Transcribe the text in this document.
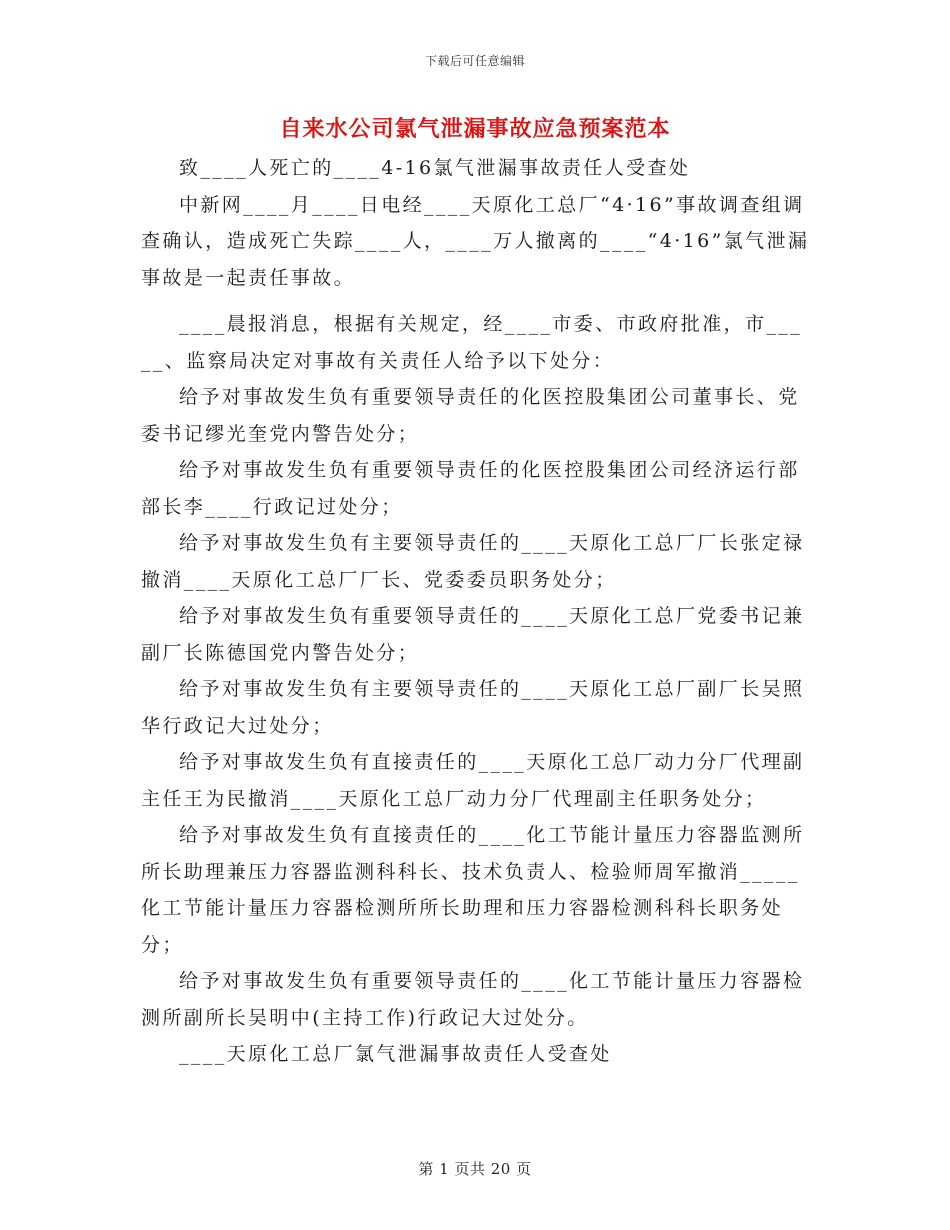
下载后可任意编辑
自来水公司氯气泄漏事故应急预案范本

致____人死亡的____4-16氯气泄漏事故责任人受查处

中新网____月____日电经____天原化工总厂“4·16”事故调查组调查确认，造成死亡失踪____人，____万人撤离的____“4·16”氯气泄漏事故是一起责任事故。

____晨报消息，根据有关规定，经____市委、市政府批准，市_____、监察局决定对事故有关责任人给予以下处分：

给予对事故发生负有重要领导责任的化医控股集团公司董事长、党委书记缪光奎党内警告处分；

给予对事故发生负有重要领导责任的化医控股集团公司经济运行部部长李____行政记过处分；

给予对事故发生负有主要领导责任的____天原化工总厂厂长张定禄撤消____天原化工总厂厂长、党委委员职务处分；

给予对事故发生负有重要领导责任的____天原化工总厂党委书记兼副厂长陈德国党内警告处分；

给予对事故发生负有主要领导责任的____天原化工总厂副厂长吴照华行政记大过处分；

给予对事故发生负有直接责任的____天原化工总厂动力分厂代理副主任王为民撤消____天原化工总厂动力分厂代理副主任职务处分；

给予对事故发生负有直接责任的____化工节能计量压力容器监测所所长助理兼压力容器监测科科长、技术负责人、检验师周军撤消_____化工节能计量压力容器检测所所长助理和压力容器检测科科长职务处分；

给予对事故发生负有重要领导责任的____化工节能计量压力容器检测所副所长吴明中(主持工作)行政记大过处分。

____天原化工总厂氯气泄漏事故责任人受查处

第 1 页共 20 页
